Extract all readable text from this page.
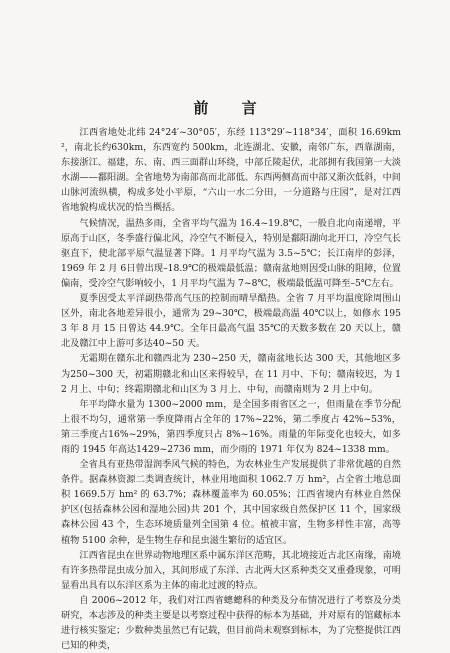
前 言

江西省地处北纬 24°24′~30°05′，东经 113°29′~118°34′，面积 16.69km²，南北长约630km，东西宽约 500km，北连湖北、安徽，南邻广东，西靠湖南，东接浙江、福建，东、南、西三面群山环绕，中部丘陵起伏，北部拥有我国第一大淡水湖——鄱阳湖。全省地势为南部高而北部低、东西两侧高而中部又渐次低斜，中间山脉河流纵横，构成多处小平原，“六山一水二分田，一分道路与庄园”，是对江西省地貌构成状况的恰当概括。

气候情况，温热多雨，全省平均气温为 16.4~19.8℃，一般自北向南递增，平原高于山区，冬季盛行偏北风，冷空气不断侵入，特别是鄱阳湖向北开口，冷空气长驱直下，使北部平原气温显著下降。1 月平均气温为 3.5~5℃；长江南岸的彭泽，1969 年 2 月 6日曾出现–18.9℃的极端最低温；赣南盆地则因受山脉的阻障，位置偏南，受冷空气影响较小，1 月平均气温为 7~8℃，极端最低温可降至–5℃左右。

夏季因受太平洋副热带高气压的控制而晴旱酷热。全省 7 月平均温度除周围山区外，南北各地差异很小，通常为 29~30℃，极端最高温 40℃以上，如修水 1953 年 8 月 15 日曾达 44.9℃。全年日最高气温 35℃的天数多数在 20 天以上，赣北及赣江中上游可多达40~50 天。

无霜期在赣东北和赣西北为 230~250 天，赣南盆地长达 300 天，其他地区多为250~300 天，初霜期赣北和山区来得较早，在 11 月中、下旬；赣南较迟，为 12 月上、中旬；终霜期赣北和山区为 3 月上、中旬，而赣南则为 2 月上中旬。

年平均降水量为 1300~2000 mm，是全国多雨省区之一，但雨量在季节分配上很不均匀，通常第一季度降雨占全年的 17%~22%，第二季度占 42%~53%，第三季度占16%~29%，第四季度只占 8%~16%。雨量的年际变化也较大，如多雨的 1945 年高达1429~2736 mm，而少雨的 1971 年仅为 824~1338 mm。

全省具有亚热带湿润季风气候的特色，为农林业生产发展提供了非常优越的自然条件。据森林资源二类调查统计，林业用地面积 1062.7 万 hm²，占全省土地总面积 1669.5万 hm² 的 63.7%；森林覆盖率为 60.05%；江西省境内有林业自然保护区(包括森林公园和湿地公园)共 201 个，其中国家级自然保护区 11 个，国家级森林公园 43 个，生态环境质量列全国第 4 位。植被丰富，生物多样性丰富，高等植物 5100 余种，是生物生存和昆虫滋生繁衍的适宜区。

江西省昆虫在世界动物地理区系中属东洋区范畴，其北境接近古北区南缘，南境有许多热带昆虫成分加入，其间形成了东洋、古北两大区系种类交叉重叠现象，可明显看出具有以东洋区系为主体的南北过渡的特点。

自 2006~2012 年，我们对江西省蟌蟌科的种类及分布情况进行了考察及分类研究，本志涉及的种类主要是以考察过程中获得的标本为基础，并对原有的馆藏标本进行核实鉴定；少数种类虽然已有记载，但目前尚未观察到标本，为了完整提供江西已知的种类，
